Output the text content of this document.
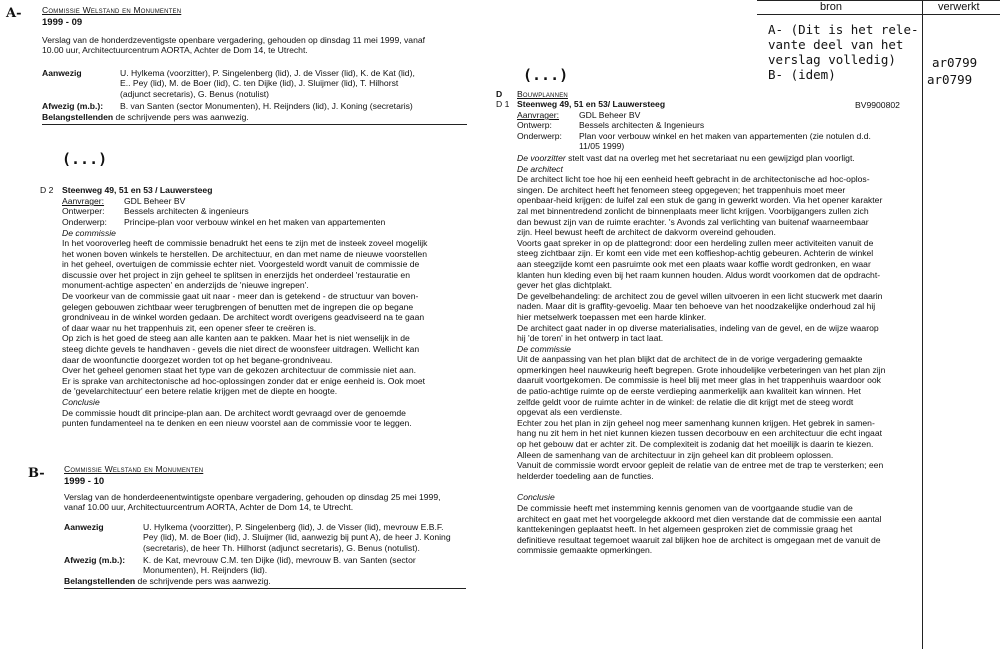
bron	verwerkt
A- (Dit is het rele-
vante deel van het
verslag volledig)
B- (idem)
ar0799
ar0799
A- Commissie Welstand en Monumenten
1999 - 09
Verslag van de honderdzeventigste openbare vergadering, gehouden op dinsdag 11 mei 1999, vanaf
10.00 uur, Architectuurcentrum AORTA, Achter de Dom 14, te Utrecht.
Aanwezig	U. Hylkema (voorzitter), P. Singelenberg (lid), J. de Visser (lid), K. de Kat (lid),
E.. Pey (lid), M. de Boer (lid), C. ten Dijke (lid), J. Sluijmer (lid), T. Hilhorst
(adjunct secretaris), G. Benus (notulist)
Afwezig (m.b.): B. van Santen (sector Monumenten), H. Reijnders (lid), J. Koning (secretaris)
Belangstellenden de schrijvende pers was aanwezig.
(...)
D 2 Steenweg 49, 51 en 53 / Lauwersteeg
Aanvrager:	GDL Beheer BV
Ontwerper:	Bessels architecten & ingenieurs
Onderwerp:	Principe-plan voor verbouw winkel en het maken van appartementen
De commissie
In het vooroverleg heeft de commissie benadrukt het eens te zijn met de insteek zoveel mogelijk
het wonen boven winkels te herstellen. De architectuur, en dan met name de nieuwe voorstellen
in het geheel, overtuigen de commissie echter niet. Voorgesteld wordt vanuit de commissie de
discussie over het project in zijn geheel te splitsen in enerzijds het onderdeel 'restauratie en
monument-achtige aspecten' en anderzijds de 'nieuwe ingrepen'.
De voorkeur van de commissie gaat uit naar - meer dan is getekend - de structuur van boven-
gelegen gebouwen zichtbaar weer terugbrengen of benutten met de ingrepen die op begane
grondniveau in de winkel worden gedaan. De architect wordt overigens geadviseerd na te gaan
of daar waar nu het trappenhuis zit, een opener sfeer te creëren is.
Op zich is het goed de steeg aan alle kanten aan te pakken. Maar het is niet wenselijk in de
steeg dichte gevels te handhaven - gevels die niet direct de woonsfeer uitdragen. Wellicht kan
daar de woonfunctie doorgezet worden tot op het begane-grondniveau.
Over het geheel genomen staat het type van de gekozen architectuur de commissie niet aan.
Er is sprake van architectonische ad hoc-oplossingen zonder dat er enige eenheid is. Ook moet
de 'gevelarchitectuur' een betere relatie krijgen met de diepte en hoogte.
Conclusie
De commissie houdt dit principe-plan aan. De architect wordt gevraagd over de genoemde
punten fundamenteel na te denken en een nieuw voorstel aan de commissie voor te leggen.
B- Commissie Welstand en Monumenten
1999 - 10
Verslag van de honderdeenentwintigste openbare vergadering, gehouden op dinsdag 25 mei 1999,
vanaf 10.00 uur, Architectuurcentrum AORTA, Achter de Dom 14, te Utrecht.
Aanwezig	U. Hylkema (voorzitter), P. Singelenberg (lid), J. de Visser (lid), mevrouw E.B.F.
Pey (lid), M. de Boer (lid), J. Sluijmer (lid, aanwezig bij punt A), de heer J. Koning
(secretaris), de heer Th. Hilhorst (adjunct secretaris), G. Benus (notulist).
Afwezig (m.b.): K. de Kat, mevrouw C.M. ten Dijke (lid), mevrouw B. van Santen (sector
Monumenten), H. Reijnders (lid).
Belangstellenden de schrijvende pers was aanwezig.
(...)
D Bouwplannen
D 1 Steenweg 49, 51 en 53/ Lauwersteeg	BV9900802
Aanvrager:	GDL Beheer BV
Ontwerp:	Bessels architecten & Ingenieurs
Onderwerp:	Plan voor verbouw winkel en het maken van appartementen (zie notulen d.d.
11/05 1999)
De voorzitter stelt vast dat na overleg met het secretariaat nu een gewijzigd plan voorligt.
De architect
De architect licht toe hoe hij een eenheid heeft gebracht in de architectonische ad hoc-oplos-
singen. De architect heeft het fenomeen steeg opgegeven; het trappenhuis moet meer
openbaar-heid krijgen: de luifel zal een stuk de gang in gewerkt worden. Via het opener karakter
zal met binnentredend zonlicht de binnenplaats meer licht krijgen. Voorbijgangers zullen zich
dan bewust zijn van de ruimte erachter. 's Avonds zal verlichting van buitenaf waarneembaar
zijn. Heel bewust heeft de architect de dakvorm overeind gehouden.
Voorts gaat spreker in op de plattegrond: door een herdeling zullen meer activiteiten vanuit de
steeg zichtbaar zijn. Er komt een vide met een koffieshop-achtig gebeuren. Achterin de winkel
aan steegzijde komt een pasruimte ook met een plaats waar koffie wordt gedronken, en waar
klanten hun kleding even bij het raam kunnen houden. Aldus wordt voorkomen dat de opdracht-
gever het glas dichtplakt.
De gevelbehandeling: de architect zou de gevel willen uitvoeren in een licht stucwerk met daarin
naden. Maar dit is graffity-gevoelig. Maar ten behoeve van het noodzakelijke onderhoud zal hij
hier metselwerk toepassen met een harde klinker.
De architect gaat nader in op diverse materialisaties, indeling van de gevel, en de wijze waarop
hij 'de toren' in het ontwerp in tact laat.
De commissie
Uit de aanpassing van het plan blijkt dat de architect de in de vorige vergadering gemaakte
opmerkingen heel nauwkeurig heeft begrepen. Grote inhoudelijke verbeteringen van het plan zijn
daaruit voortgekomen. De commissie is heel blij met meer glas in het trappenhuis waardoor ook
de patio-achtige ruimte op de eerste verdieping aanmerkelijk aan kwaliteit kan winnen. Het
zelfde geldt voor de ruimte achter in de winkel: de relatie die dit krijgt met de steeg wordt
opgevat als een verdienste.
Echter zou het plan in zijn geheel nog meer samenhang kunnen krijgen. Het gebrek in samen-
hang nu zit hem in het niet kunnen kiezen tussen decorbouw en een architectuur die echt ingaat
op het gebouw dat er achter zit. De complexiteit is zodanig dat het moeilijk is daarin te kiezen.
Alleen de samenhang van de architectuur in zijn geheel kan dit probleem oplossen.
Vanuit de commissie wordt ervoor gepleit de relatie van de entree met de trap te versterken; een
helderder toedeling aan de functies.
Conclusie
De commissie heeft met instemming kennis genomen van de voortgaande studie van de
architect en gaat met het voorgelegde akkoord met dien verstande dat de commissie een aantal
kanttekeningen geplaatst heeft. In het algemeen gesproken ziet de commissie graag het
definitieve resultaat tegemoet waaruit zal blijken hoe de architect is omgegaan met de vanuit de
commissie gemaakte opmerkingen.
